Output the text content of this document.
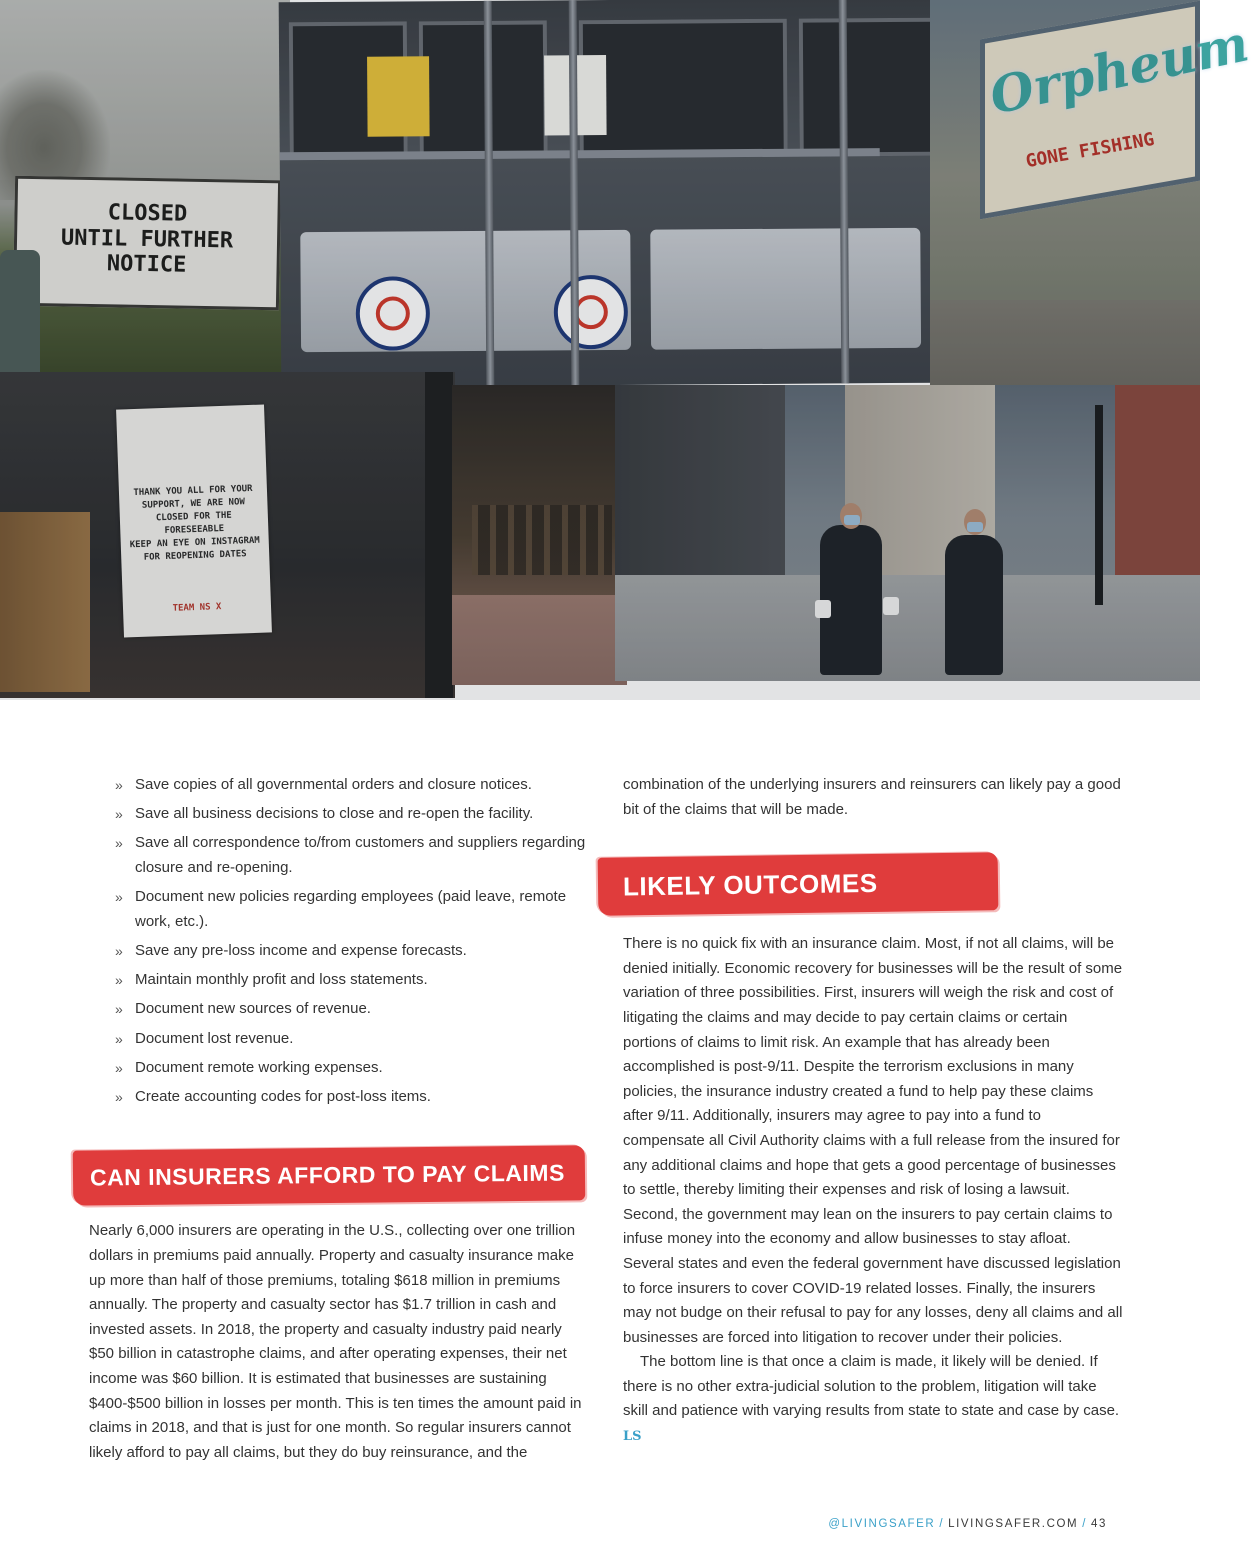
CLOSED
UNTIL FURTHER NOTICE
Orpheum
GONE FISHING
THANK YOU ALL FOR YOUR
SUPPORT, WE ARE NOW
CLOSED FOR THE FORESEEABLE
KEEP AN EYE ON INSTAGRAM
FOR REOPENING DATES
TEAM NS X
» Save copies of all governmental orders and closure notices.
» Save all business decisions to close and re-open the facility.
» Save all correspondence to/from customers and suppliers regarding closure and re-opening.
» Document new policies regarding employees (paid leave, remote work, etc.).
» Save any pre-loss income and expense forecasts.
» Maintain monthly profit and loss statements.
» Document new sources of revenue.
» Document lost revenue.
» Document remote working expenses.
» Create accounting codes for post-loss items.
CAN INSURERS AFFORD TO PAY CLAIMS

Nearly 6,000 insurers are operating in the U.S., collecting over one trillion dollars in premiums paid annually. Property and casualty insurance make up more than half of those premiums, totaling $618 million in premiums annually. The property and casualty sector has $1.7 trillion in cash and invested assets. In 2018, the property and casualty industry paid nearly $50 billion in catastrophe claims, and after operating expenses, their net income was $60 billion. It is estimated that businesses are sustaining $400-$500 billion in losses per month. This is ten times the amount paid in claims in 2018, and that is just for one month. So regular insurers cannot likely afford to pay all claims, but they do buy reinsurance, and the

combination of the underlying insurers and reinsurers can likely pay a good bit of the claims that will be made.

LIKELY OUTCOMES

There is no quick fix with an insurance claim. Most, if not all claims, will be denied initially. Economic recovery for businesses will be the result of some variation of three possibilities. First, insurers will weigh the risk and cost of litigating the claims and may decide to pay certain claims or certain portions of claims to limit risk. An example that has already been accomplished is post-9/11. Despite the terrorism exclusions in many policies, the insurance industry created a fund to help pay these claims after 9/11. Additionally, insurers may agree to pay into a fund to compensate all Civil Authority claims with a full release from the insured for any additional claims and hope that gets a good percentage of businesses to settle, thereby limiting their expenses and risk of losing a lawsuit. Second, the government may lean on the insurers to pay certain claims to infuse money into the economy and allow businesses to stay afloat. Several states and even the federal government have discussed legislation to force insurers to cover COVID-19 related losses. Finally, the insurers may not budge on their refusal to pay for any losses, deny all claims and all businesses are forced into litigation to recover under their policies.

The bottom line is that once a claim is made, it likely will be denied. If there is no other extra-judicial solution to the problem, litigation will take skill and patience with varying results from state to state and case by case. LS

@LIVINGSAFER / LIVINGSAFER.COM / 43
